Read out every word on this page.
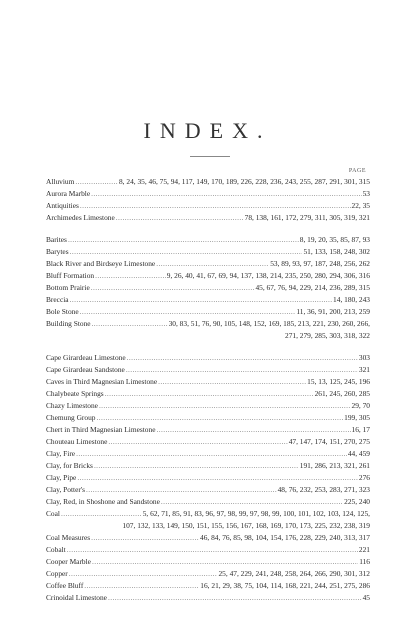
INDEX.
PAGE
Alluvium .....	8, 24, 35, 46, 75, 94, 117, 149, 170, 189, 226, 228, 236, 243, 255, 287, 291, 301, 315
Aurora Marble .....	53
Antiquities .....	22, 35
Archimedes Limestone .....	78, 138, 161, 172, 279, 311, 305, 319, 321
Barites .....	8, 19, 20, 35, 85, 87, 93
Barytes .....	51, 133, 158, 248, 302
Black River and Birdseye Limestone .....	53, 89, 93, 97, 187, 248, 256, 262
Bluff Formation .....	9, 26, 40, 41, 67, 69, 94, 137, 138, 214, 235, 250, 280, 294, 306, 316
Bottom Prairie .....	45, 67, 76, 94, 229, 214, 236, 289, 315
Breccia .....	14, 180, 243
Bole Stone .....	11, 36, 91, 200, 213, 259
Building Stone .....	30, 83, 51, 76, 90, 105, 148, 152, 169, 185, 213, 221, 230, 260, 266,
271, 279, 285, 303, 318, 322
Cape Girardeau Limestone .....	303
Cape Girardeau Sandstone .....	321
Caves in Third Magnesian Limestone .....	15, 13, 125, 245, 196
Chalybeate Springs .....	261, 245, 260, 285
Chazy Limestone .....	29, 70
Chemung Group .....	199, 305
Chert in Third Magnesian Limestone .....	16, 17
Chouteau Limestone .....	47, 147, 174, 151, 270, 275
Clay, Fire .....	44, 459
Clay, for Bricks .....	191, 286, 213, 321, 261
Clay, Pipe .....	276
Clay, Potter's .....	48, 76, 232, 253, 283, 271, 323
Clay, Red, in Shoshone and Sandstone .....	225, 240
Coal .....	5, 62, 71, 85, 91, 83, 96, 97, 98, 99, 97, 98, 99, 100, 101, 102, 103, 124, 125,
107, 132, 133, 149, 150, 151, 155, 156, 167, 168, 169, 170, 173, 225, 232, 238, 319
Coal Measures .....	46, 84, 76, 85, 98, 104, 154, 176, 228, 229, 240, 313, 317
Cobalt .....	221
Cooper Marble .....	116
Copper .....	25, 47, 229, 241, 248, 258, 264, 266, 290, 301, 312
Coffee Bluff .....	16, 21, 29, 38, 75, 104, 114, 168, 221, 244, 251, 275, 286
Crinoidal Limestone .....	45
